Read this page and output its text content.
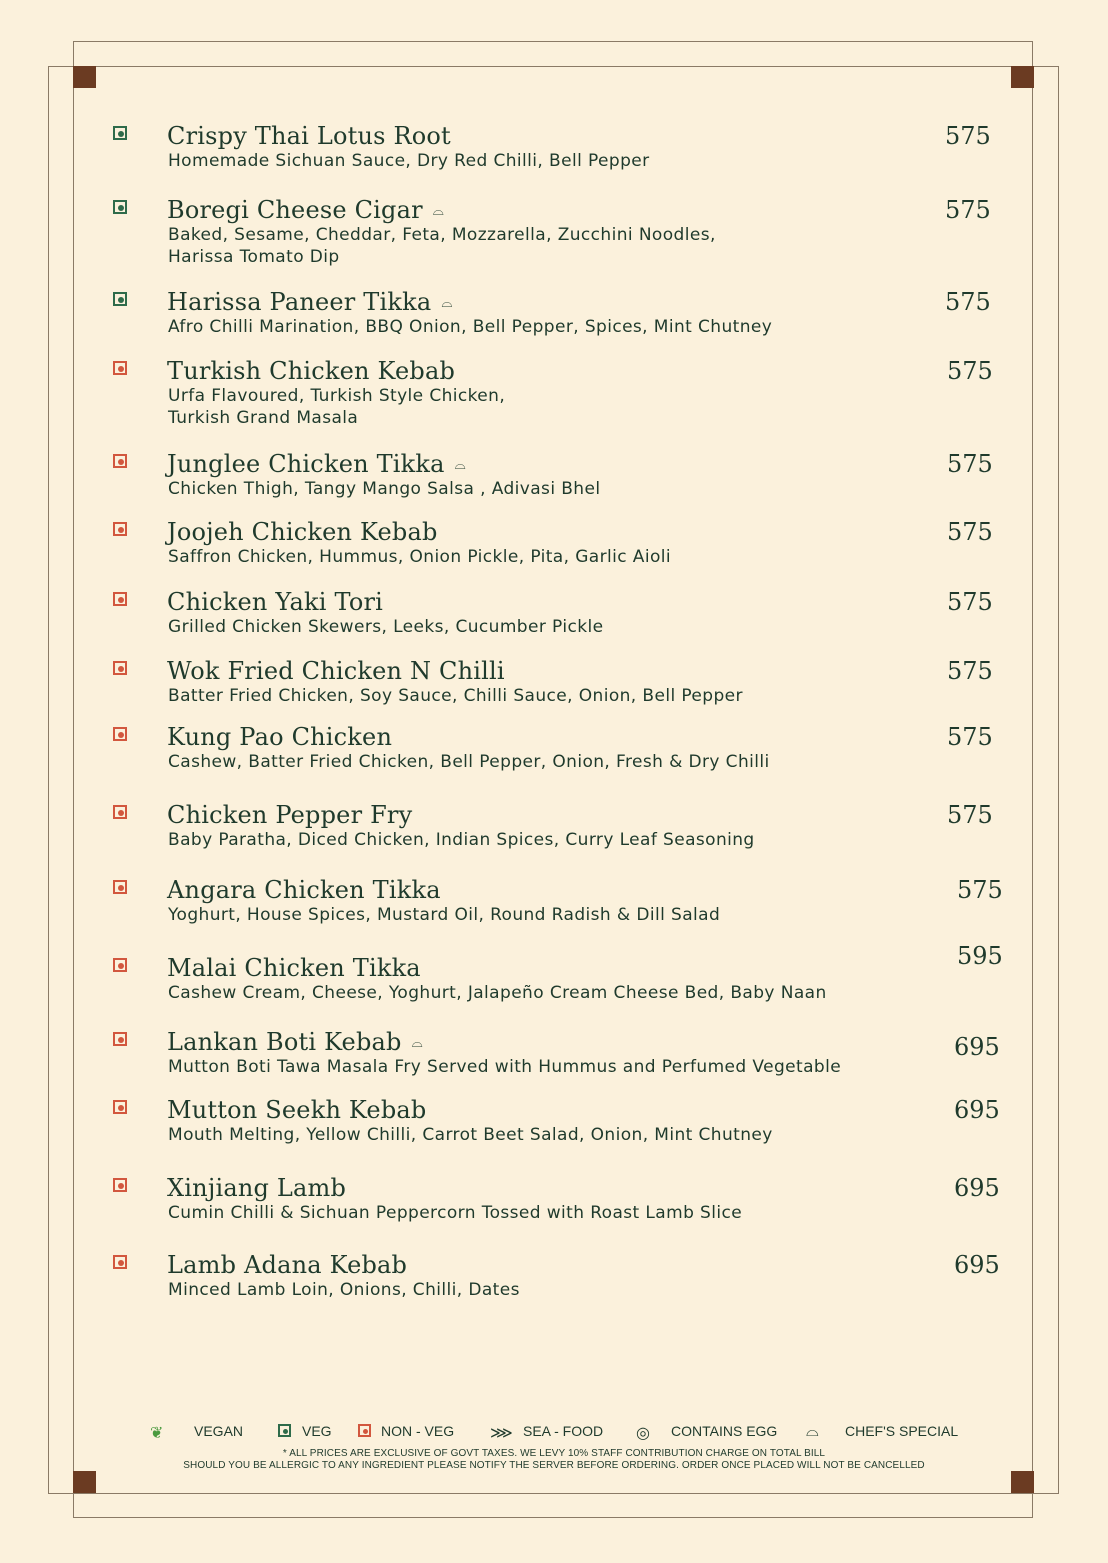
Crispy Thai Lotus Root
Homemade Sichuan Sauce, Dry Red Chilli, Bell Pepper
575
Boregi Cheese Cigar ⌓
Baked, Sesame, Cheddar, Feta, Mozzarella, Zucchini Noodles,
Harissa Tomato Dip
575
Harissa Paneer Tikka ⌓
Afro Chilli Marination, BBQ Onion, Bell Pepper, Spices, Mint Chutney
575
Turkish Chicken Kebab
Urfa Flavoured, Turkish Style Chicken,
Turkish Grand Masala
575
Junglee Chicken Tikka ⌓
Chicken Thigh, Tangy Mango Salsa , Adivasi Bhel
575
Joojeh Chicken Kebab
Saffron Chicken, Hummus, Onion Pickle, Pita, Garlic Aioli
575
Chicken Yaki Tori
Grilled Chicken Skewers, Leeks, Cucumber Pickle
575
Wok Fried Chicken N Chilli
Batter Fried Chicken, Soy Sauce, Chilli Sauce, Onion, Bell Pepper
575
Kung Pao Chicken
Cashew, Batter Fried Chicken, Bell Pepper, Onion, Fresh & Dry Chilli
575
Chicken Pepper Fry
Baby Paratha, Diced Chicken, Indian Spices, Curry Leaf Seasoning
575
Angara Chicken Tikka
Yoghurt, House Spices, Mustard Oil, Round Radish & Dill Salad
575
Malai Chicken Tikka
Cashew Cream, Cheese, Yoghurt, Jalapeño Cream Cheese Bed, Baby Naan
595
Lankan Boti Kebab ⌓
Mutton Boti Tawa Masala Fry Served with Hummus and Perfumed Vegetable
695
Mutton Seekh Kebab
Mouth Melting, Yellow Chilli, Carrot Beet Salad, Onion, Mint Chutney
695
Xinjiang Lamb
Cumin Chilli & Sichuan Peppercorn Tossed with Roast Lamb Slice
695
Lamb Adana Kebab
Minced Lamb Loin, Onions, Chilli, Dates
695
❦ VEGAN	VEG	NON - VEG ⋙ SEA - FOOD ◎ CONTAINS EGG ⌓ CHEF'S SPECIAL
* ALL PRICES ARE EXCLUSIVE OF GOVT TAXES. WE LEVY 10% STAFF CONTRIBUTION CHARGE ON TOTAL BILL
SHOULD YOU BE ALLERGIC TO ANY INGREDIENT PLEASE NOTIFY THE SERVER BEFORE ORDERING. ORDER ONCE PLACED WILL NOT BE CANCELLED
